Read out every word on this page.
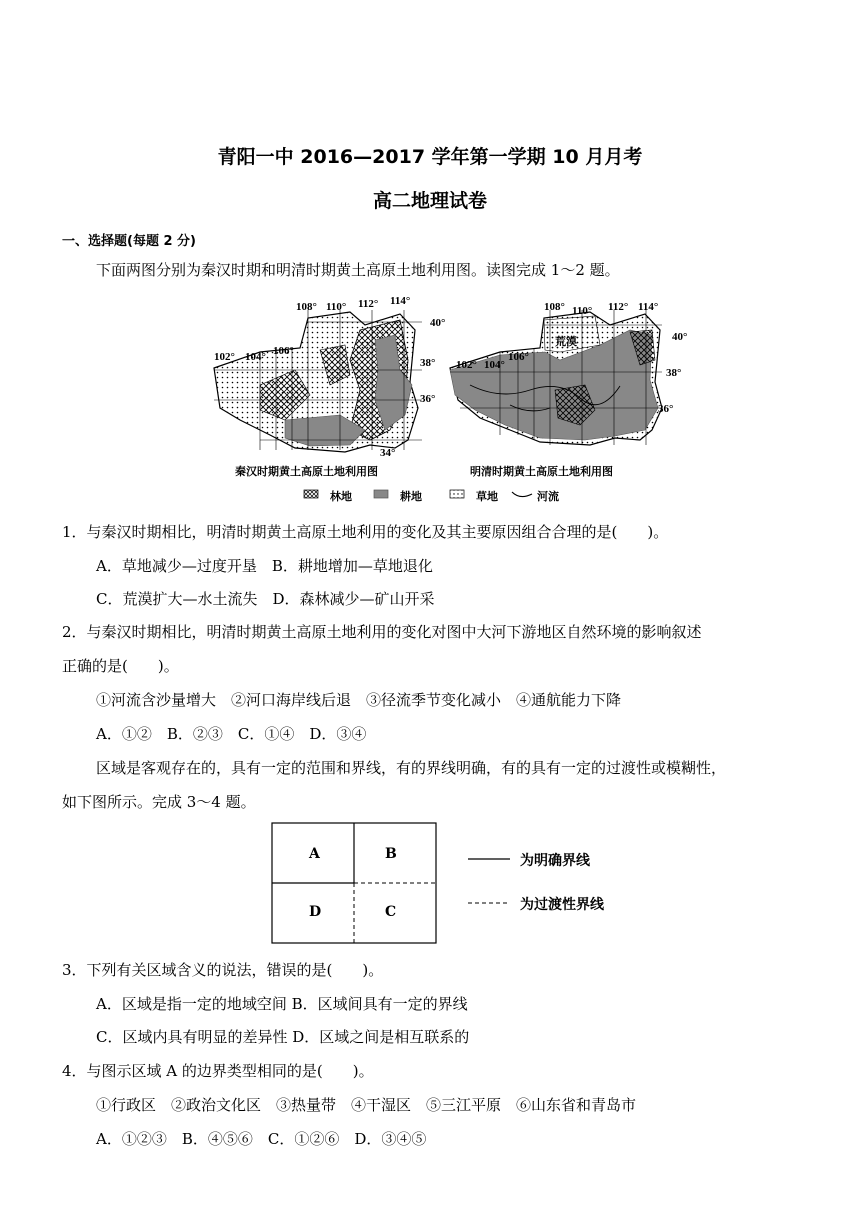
青阳一中 2016—2017 学年第一学期 10 月月考
高二地理试卷
一、选择题(每题 2 分)
下面两图分别为秦汉时期和明清时期黄土高原土地利用图。读图完成 1～2 题。
108° 110° 112° 114°
102° 104° 106°
40°
38°
36°
34°
荒漠
108° 110° 112° 114°
102° 104°
106°
40°
38°
36°
秦汉时期黄土高原土地利用图	明清时期黄土高原土地利用图
林地	耕地	草地	河流
1．与秦汉时期相比，明清时期黄土高原土地利用的变化及其主要原因组合合理的是(　　)。
A．草地减少—过度开垦　B．耕地增加—草地退化
C．荒漠扩大—水土流失　D．森林减少—矿山开采
2．与秦汉时期相比，明清时期黄土高原土地利用的变化对图中大河下游地区自然环境的影响叙述
正确的是(　　)。
①河流含沙量增大　②河口海岸线后退　③径流季节变化减小　④通航能力下降
A．①②　B．②③　C．①④　D．③④
区域是客观存在的，具有一定的范围和界线，有的界线明确，有的具有一定的过渡性或模糊性，
如下图所示。完成 3～4 题。
A	B
D	C
为明确界线
为过渡性界线
3．下列有关区域含义的说法，错误的是(　　)。
A．区域是指一定的地域空间 B．区域间具有一定的界线
C．区域内具有明显的差异性 D．区域之间是相互联系的
4．与图示区域 A 的边界类型相同的是(　　)。
①行政区　②政治文化区　③热量带　④干湿区　⑤三江平原　⑥山东省和青岛市
A．①②③　B．④⑤⑥　C．①②⑥　D．③④⑤
